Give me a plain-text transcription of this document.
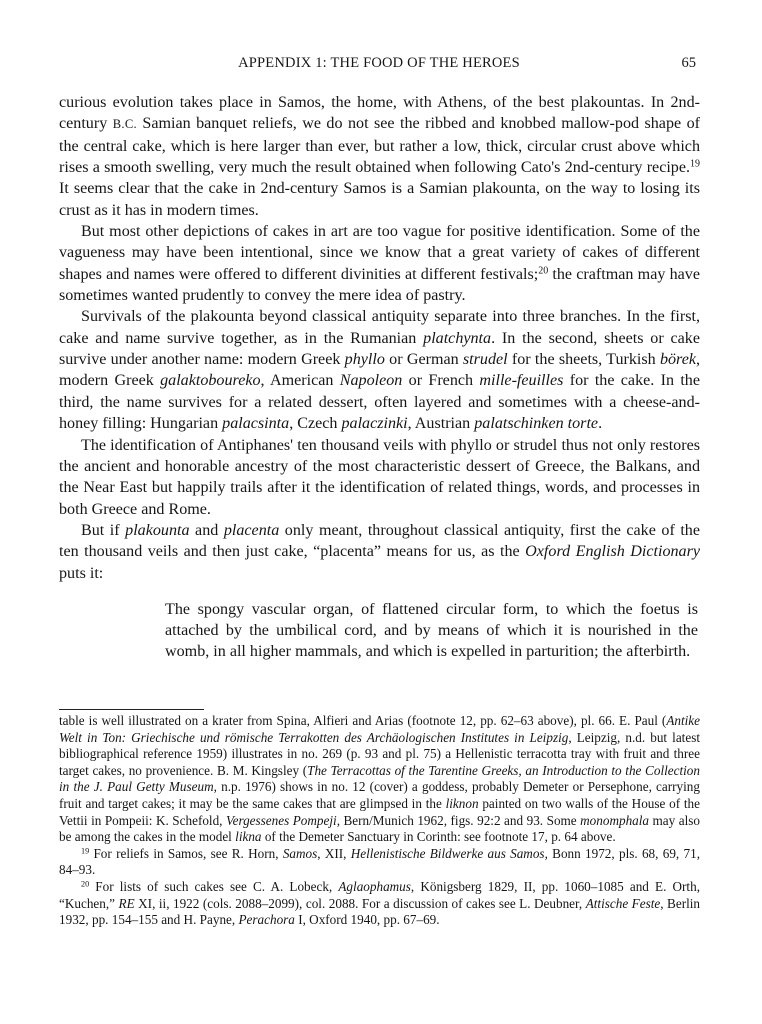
APPENDIX 1: THE FOOD OF THE HEROES	65

curious evolution takes place in Samos, the home, with Athens, of the best plakountas. In 2nd-century B.C. Samian banquet reliefs, we do not see the ribbed and knobbed mallow-pod shape of the central cake, which is here larger than ever, but rather a low, thick, circular crust above which rises a smooth swelling, very much the result obtained when following Cato's 2nd-century recipe.$^{19}$ It seems clear that the cake in 2nd-century Samos is a Samian plakounta, on the way to losing its crust as it has in modern times.

But most other depictions of cakes in art are too vague for positive identification. Some of the vagueness may have been intentional, since we know that a great variety of cakes of different shapes and names were offered to different divinities at different festivals;$^{20}$ the craftman may have sometimes wanted prudently to convey the mere idea of pastry.

Survivals of the plakounta beyond classical antiquity separate into three branches. In the first, cake and name survive together, as in the Rumanian platchynta. In the second, sheets or cake survive under another name: modern Greek phyllo or German strudel for the sheets, Turkish börek, modern Greek galaktoboureko, American Napoleon or French mille-feuilles for the cake. In the third, the name survives for a related dessert, often layered and sometimes with a cheese-and-honey filling: Hungarian palacsinta, Czech palaczinki, Austrian palatschinken torte.

The identification of Antiphanes' ten thousand veils with phyllo or strudel thus not only restores the ancient and honorable ancestry of the most characteristic dessert of Greece, the Balkans, and the Near East but happily trails after it the identification of related things, words, and processes in both Greece and Rome.

But if plakounta and placenta only meant, throughout classical antiquity, first the cake of the ten thousand veils and then just cake, “placenta” means for us, as the Oxford English Dictionary puts it:

The spongy vascular organ, of flattened circular form, to which the foetus is attached by the umbilical cord, and by means of which it is nourished in the womb, in all higher mammals, and which is expelled in parturition; the afterbirth.

table is well illustrated on a krater from Spina, Alfieri and Arias (footnote 12, pp. 62–63 above), pl. 66. E. Paul (Antike Welt in Ton: Griechische und römische Terrakotten des Archäologischen Institutes in Leipzig, Leipzig, n.d. but latest bibliographical reference 1959) illustrates in no. 269 (p. 93 and pl. 75) a Hellenistic terracotta tray with fruit and three target cakes, no provenience. B. M. Kingsley (The Terracottas of the Tarentine Greeks, an Introduction to the Collection in the J. Paul Getty Museum, n.p. 1976) shows in no. 12 (cover) a goddess, probably Demeter or Persephone, carrying fruit and target cakes; it may be the same cakes that are glimpsed in the liknon painted on two walls of the House of the Vettii in Pompeii: K. Schefold, Vergessenes Pompeji, Bern/Munich 1962, figs. 92:2 and 93. Some monomphala may also be among the cakes in the model likna of the Demeter Sanctuary in Corinth: see footnote 17, p. 64 above.

$^{19}$ For reliefs in Samos, see R. Horn, Samos, XII, Hellenistische Bildwerke aus Samos, Bonn 1972, pls. 68, 69, 71, 84–93.

$^{20}$ For lists of such cakes see C. A. Lobeck, Aglaophamus, Königsberg 1829, II, pp. 1060–1085 and E. Orth, “Kuchen,” RE XI, ii, 1922 (cols. 2088–2099), col. 2088. For a discussion of cakes see L. Deubner, Attische Feste, Berlin 1932, pp. 154–155 and H. Payne, Perachora I, Oxford 1940, pp. 67–69.
